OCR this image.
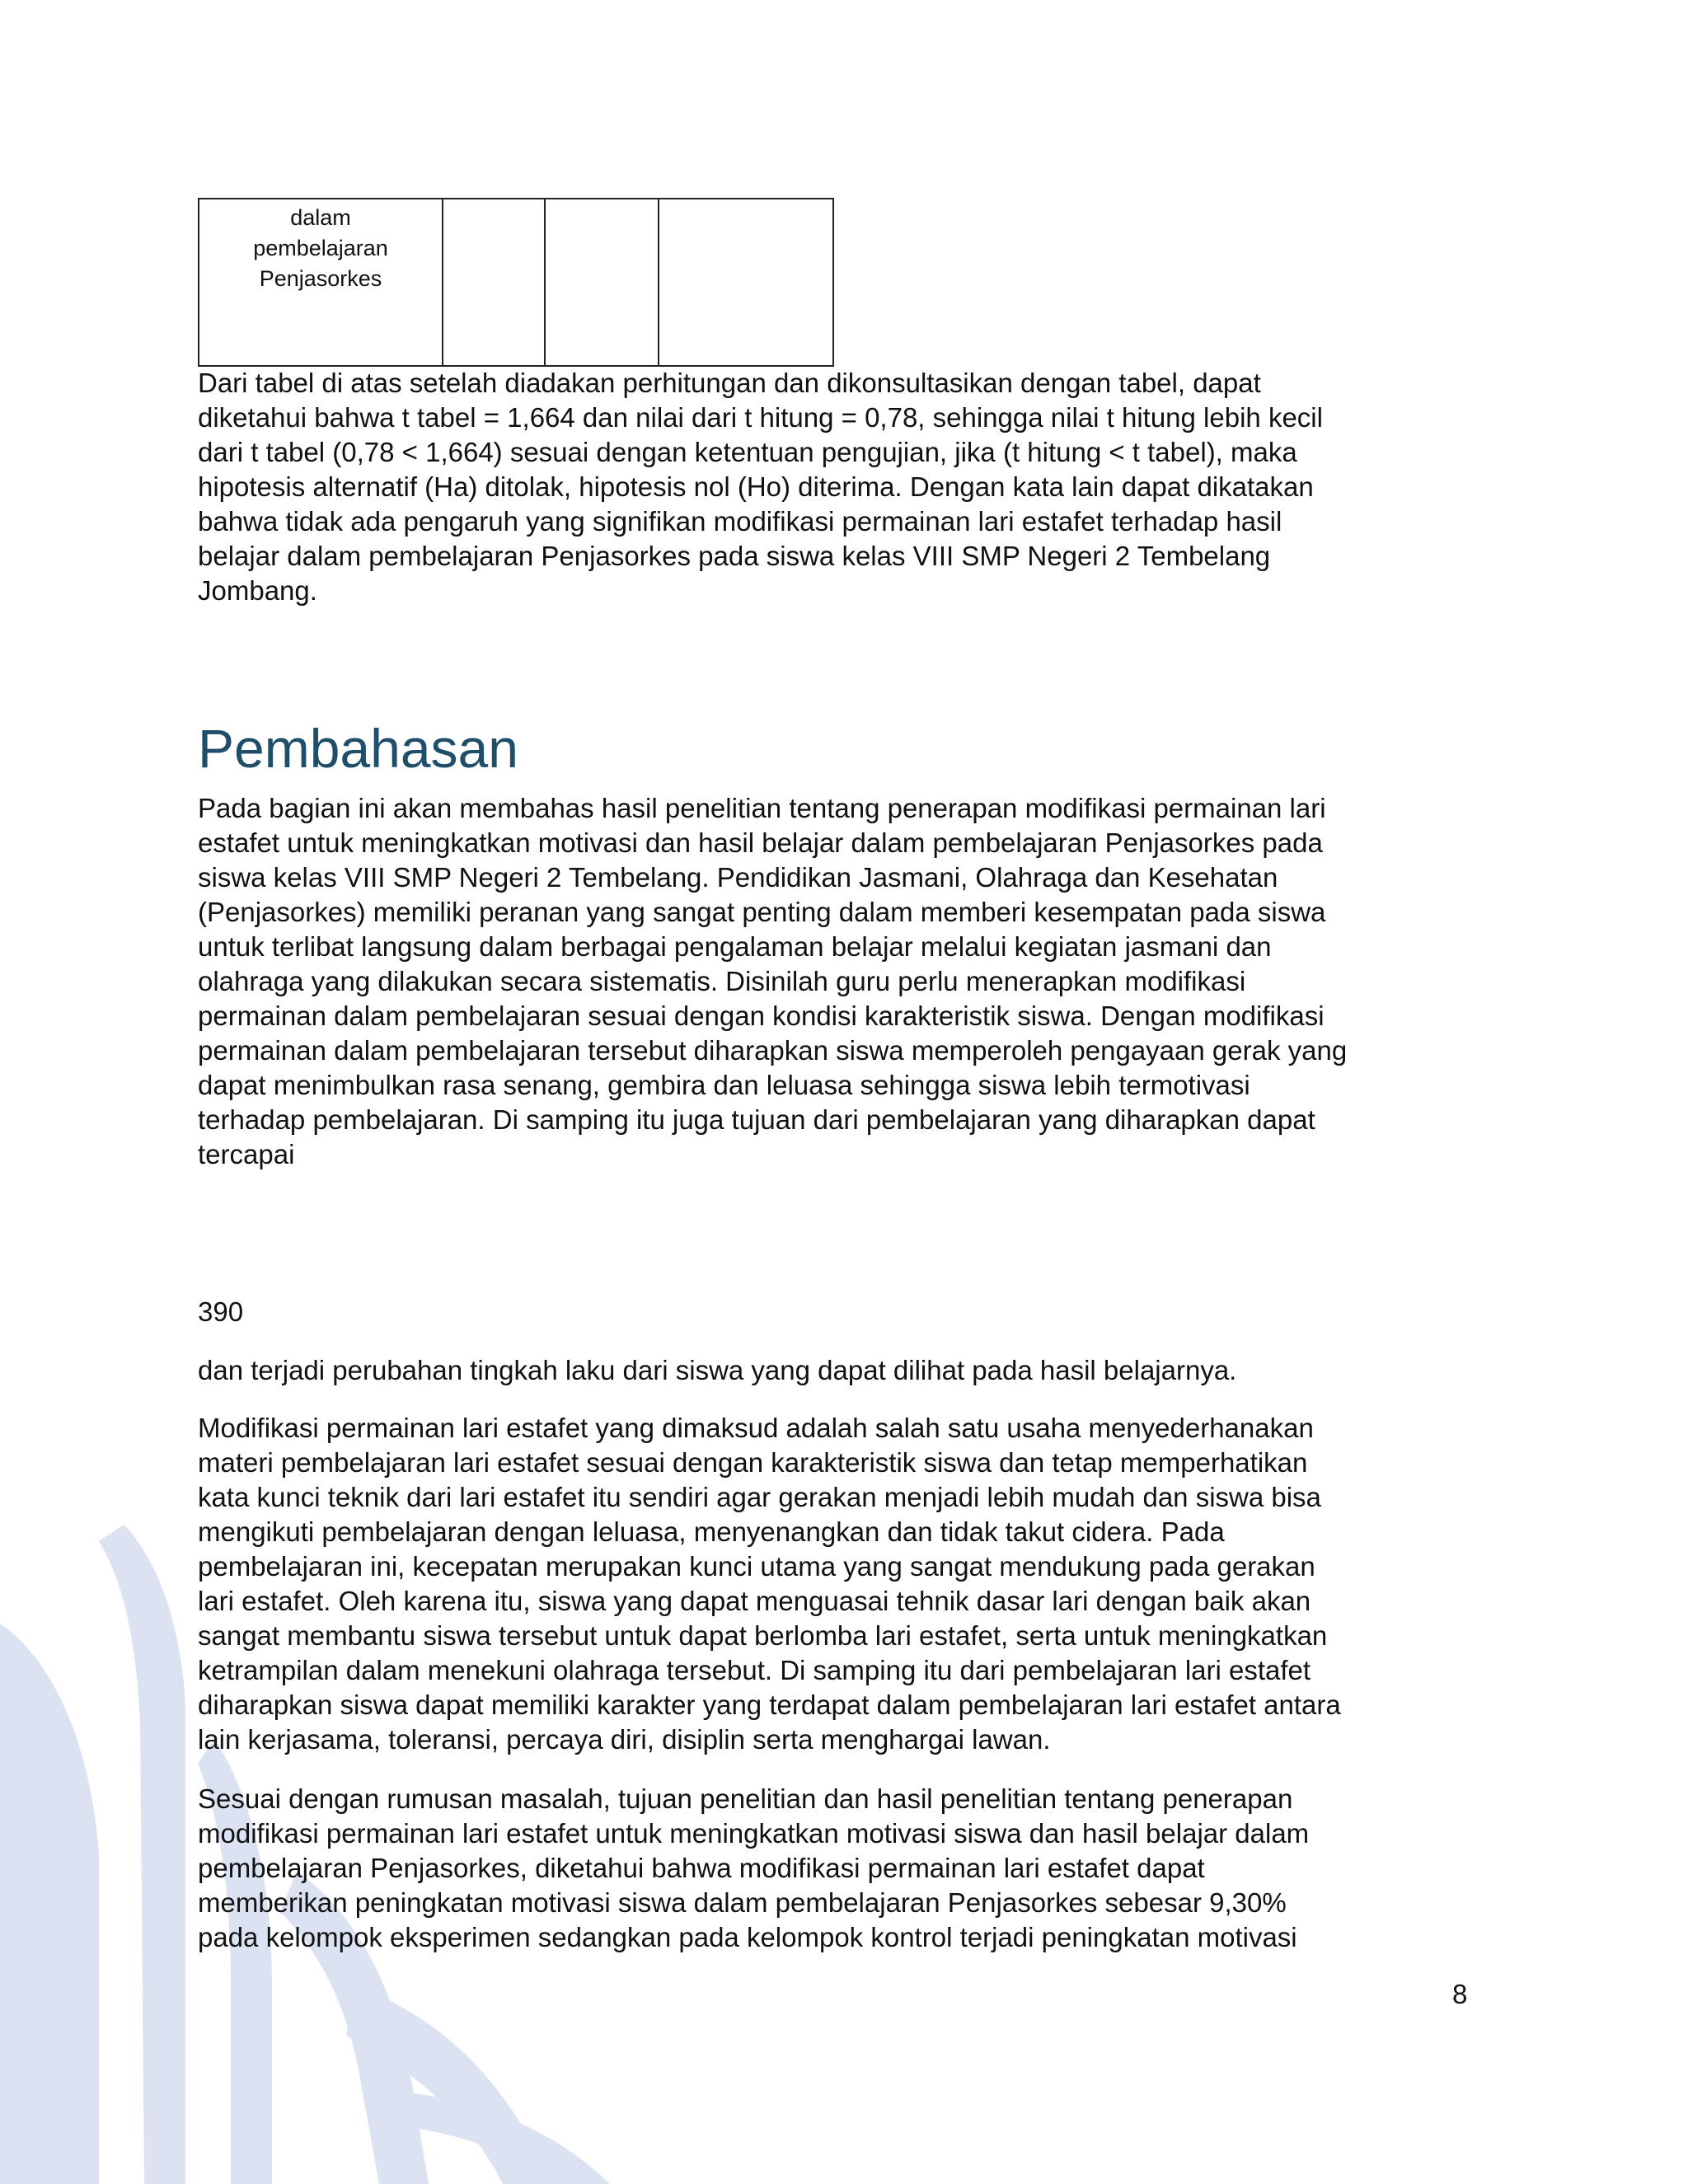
dalam
pembelajaran
Penjasorkes

Dari tabel di atas setelah diadakan perhitungan dan dikonsultasikan dengan tabel, dapat
diketahui bahwa t tabel = 1,664 dan nilai dari t hitung = 0,78, sehingga nilai t hitung lebih kecil
dari t tabel (0,78 < 1,664) sesuai dengan ketentuan pengujian, jika (t hitung < t tabel), maka
hipotesis alternatif (Ha) ditolak, hipotesis nol (Ho) diterima. Dengan kata lain dapat dikatakan
bahwa tidak ada pengaruh yang signifikan modifikasi permainan lari estafet terhadap hasil
belajar dalam pembelajaran Penjasorkes pada siswa kelas VIII SMP Negeri 2 Tembelang
Jombang.

Pembahasan

Pada bagian ini akan membahas hasil penelitian tentang penerapan modifikasi permainan lari
estafet untuk meningkatkan motivasi dan hasil belajar dalam pembelajaran Penjasorkes pada
siswa kelas VIII SMP Negeri 2 Tembelang. Pendidikan Jasmani, Olahraga dan Kesehatan
(Penjasorkes) memiliki peranan yang sangat penting dalam memberi kesempatan pada siswa
untuk terlibat langsung dalam berbagai pengalaman belajar melalui kegiatan jasmani dan
olahraga yang dilakukan secara sistematis. Disinilah guru perlu menerapkan modifikasi
permainan dalam pembelajaran sesuai dengan kondisi karakteristik siswa. Dengan modifikasi
permainan dalam pembelajaran tersebut diharapkan siswa memperoleh pengayaan gerak yang
dapat menimbulkan rasa senang, gembira dan leluasa sehingga siswa lebih termotivasi
terhadap pembelajaran. Di samping itu juga tujuan dari pembelajaran yang diharapkan dapat
tercapai

390

dan terjadi perubahan tingkah laku dari siswa yang dapat dilihat pada hasil belajarnya.

Modifikasi permainan lari estafet yang dimaksud adalah salah satu usaha menyederhanakan
materi pembelajaran lari estafet sesuai dengan karakteristik siswa dan tetap memperhatikan
kata kunci teknik dari lari estafet itu sendiri agar gerakan menjadi lebih mudah dan siswa bisa
mengikuti pembelajaran dengan leluasa, menyenangkan dan tidak takut cidera. Pada
pembelajaran ini, kecepatan merupakan kunci utama yang sangat mendukung pada gerakan
lari estafet. Oleh karena itu, siswa yang dapat menguasai tehnik dasar lari dengan baik akan
sangat membantu siswa tersebut untuk dapat berlomba lari estafet, serta untuk meningkatkan
ketrampilan dalam menekuni olahraga tersebut. Di samping itu dari pembelajaran lari estafet
diharapkan siswa dapat memiliki karakter yang terdapat dalam pembelajaran lari estafet antara
lain kerjasama, toleransi, percaya diri, disiplin serta menghargai lawan.

Sesuai dengan rumusan masalah, tujuan penelitian dan hasil penelitian tentang penerapan
modifikasi permainan lari estafet untuk meningkatkan motivasi siswa dan hasil belajar dalam
pembelajaran Penjasorkes, diketahui bahwa modifikasi permainan lari estafet dapat
memberikan peningkatan motivasi siswa dalam pembelajaran Penjasorkes sebesar 9,30%
pada kelompok eksperimen sedangkan pada kelompok kontrol terjadi peningkatan motivasi

8
